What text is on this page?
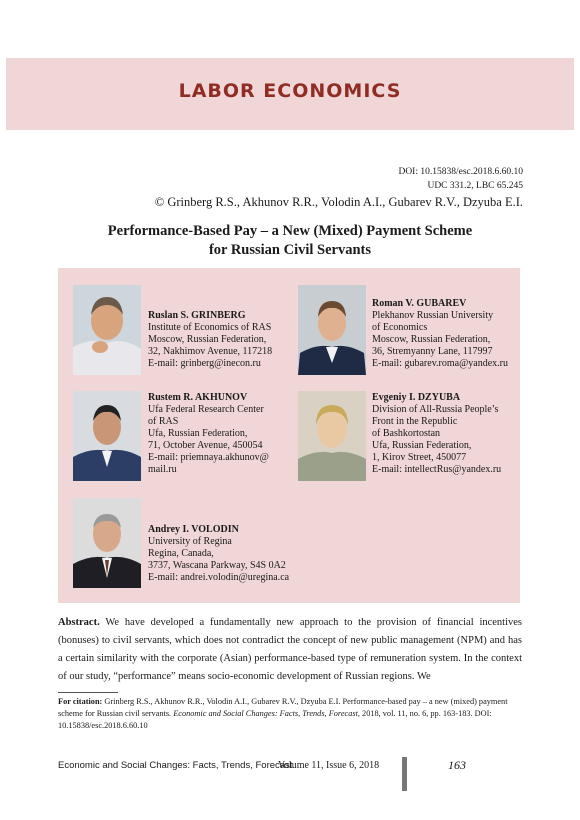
LABOR ECONOMICS
DOI: 10.15838/esc.2018.6.60.10
UDC 331.2, LBC 65.245
© Grinberg R.S., Akhunov R.R., Volodin A.I., Gubarev R.V., Dzyuba E.I.
Performance-Based Pay – a New (Mixed) Payment Scheme
for Russian Civil Servants
Ruslan S. GRINBERG
Institute of Economics of RAS
Moscow, Russian Federation,
32, Nakhimov Avenue, 117218
E-mail: grinberg@inecon.ru
Roman V. GUBAREV
Plekhanov Russian University
of Economics
Moscow, Russian Federation,
36, Stremyanny Lane, 117997
E-mail: gubarev.roma@yandex.ru
Rustem R. AKHUNOV
Ufa Federal Research Center
of RAS
Ufa, Russian Federation,
71, October Avenue, 450054
E-mail: priemnaya.akhunov@
mail.ru
Evgeniy I. DZYUBA
Division of All-Russia People’s
Front in the Republic
of Bashkortostan
Ufa, Russian Federation,
1, Kirov Street, 450077
E-mail: intellectRus@yandex.ru
Andrey I. VOLODIN
University of Regina
Regina, Canada,
3737, Wascana Parkway, S4S 0A2
E-mail: andrei.volodin@uregina.ca
Abstract. We have developed a fundamentally new approach to the provision of financial incentives (bonuses) to civil servants, which does not contradict the concept of new public management (NPM) and has a certain similarity with the corporate (Asian) performance-based type of remuneration system. In the context of our study, “performance” means socio-economic development of Russian regions. We
For citation: Grinberg R.S., Akhunov R.R., Volodin A.I., Gubarev R.V., Dzyuba E.I. Performance-based pay – a new (mixed) payment scheme for Russian civil servants. Economic and Social Changes: Facts, Trends, Forecast, 2018, vol. 11, no. 6, pp. 163-183. DOI: 10.15838/esc.2018.6.60.10
Economic and Social Changes: Facts, Trends, Forecast
Volume 11, Issue 6, 2018	163
